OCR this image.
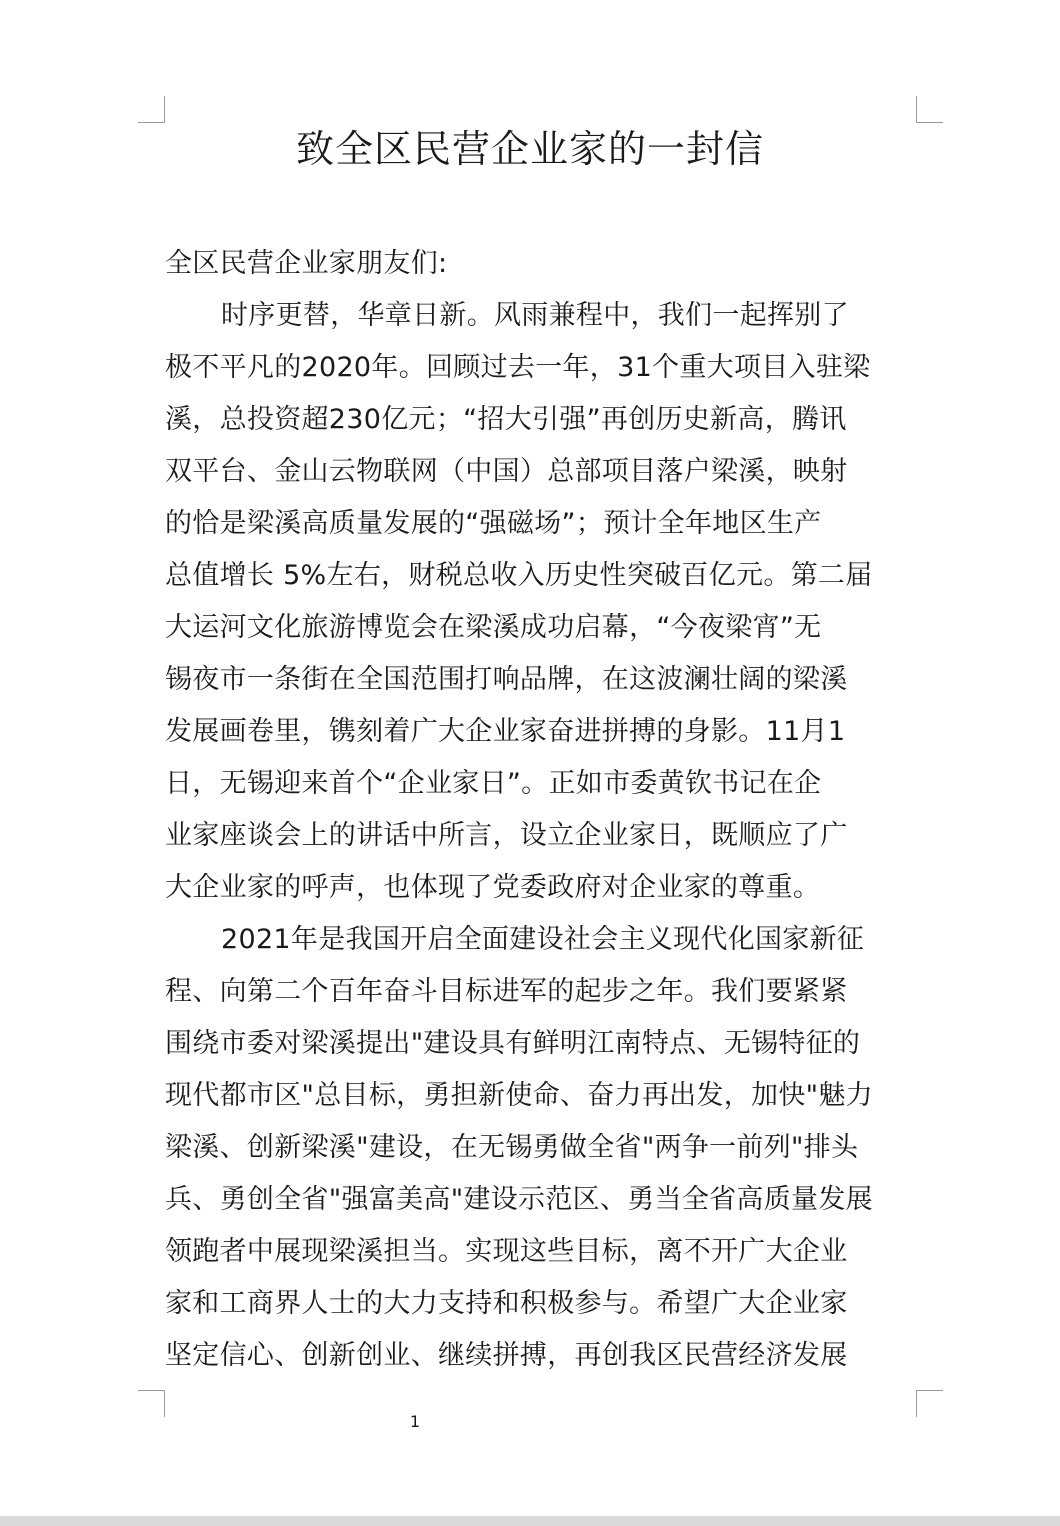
致全区民营企业家的一封信
全区民营企业家朋友们:
时序更替，华章日新。风雨兼程中，我们一起挥别了
极不平凡的2020年。回顾过去一年，31个重大项目入驻梁
溪，总投资超230亿元；“招大引强”再创历史新高，腾讯
双平台、金山云物联网（中国）总部项目落户梁溪，映射
的恰是梁溪高质量发展的“强磁场”；预计全年地区生产
总值增长 5%左右，财税总收入历史性突破百亿元。第二届
大运河文化旅游博览会在梁溪成功启幕，“今夜梁宵”无
锡夜市一条街在全国范围打响品牌，在这波澜壮阔的梁溪
发展画卷里，镌刻着广大企业家奋进拼搏的身影。11月1
日，无锡迎来首个“企业家日”。正如市委黄钦书记在企
业家座谈会上的讲话中所言，设立企业家日，既顺应了广
大企业家的呼声，也体现了党委政府对企业家的尊重。
2021年是我国开启全面建设社会主义现代化国家新征
程、向第二个百年奋斗目标进军的起步之年。我们要紧紧
围绕市委对梁溪提出"建设具有鲜明江南特点、无锡特征的
现代都市区"总目标，勇担新使命、奋力再出发，加快"魅力
梁溪、创新梁溪"建设，在无锡勇做全省"两争一前列"排头
兵、勇创全省"强富美高"建设示范区、勇当全省高质量发展
领跑者中展现梁溪担当。实现这些目标，离不开广大企业
家和工商界人士的大力支持和积极参与。希望广大企业家
坚定信心、创新创业、继续拼搏，再创我区民营经济发展
1
